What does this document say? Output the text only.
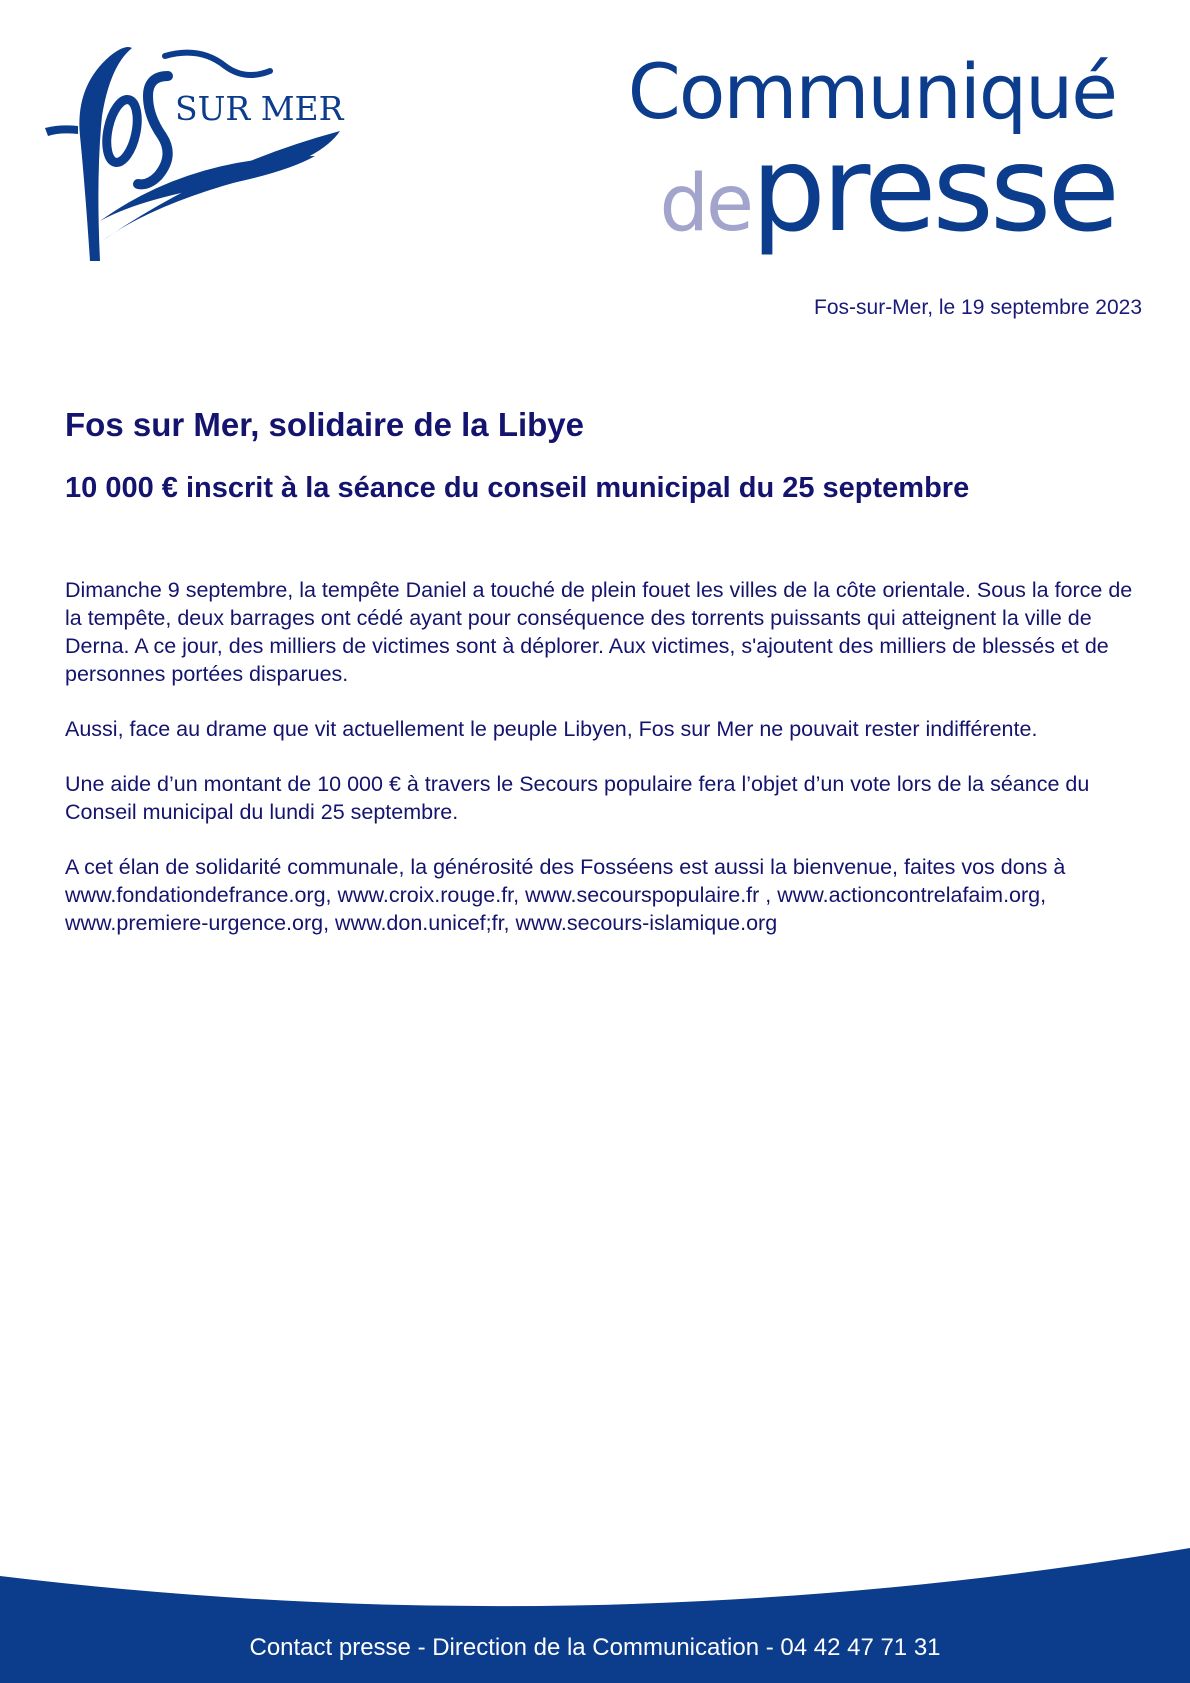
SUR MER	Communiqué
depresse
Fos-sur-Mer, le 19 septembre 2023
Fos sur Mer, solidaire de la Libye
10 000 € inscrit à la séance du conseil municipal du 25 septembre

Dimanche 9 septembre, la tempête Daniel a touché de plein fouet les villes de la côte orientale. Sous la force de la tempête, deux barrages ont cédé ayant pour conséquence des torrents puissants qui atteignent la ville de Derna. A ce jour, des milliers de victimes sont à déplorer. Aux victimes, s'ajoutent des milliers de blessés et de personnes portées disparues.

Aussi, face au drame que vit actuellement le peuple Libyen, Fos sur Mer ne pouvait rester indifférente.

Une aide d’un montant de 10 000 € à travers le Secours populaire fera l’objet d’un vote lors de la séance du Conseil municipal du lundi 25 septembre.

A cet élan de solidarité communale, la générosité des Fosséens est aussi la bienvenue, faites vos dons à www.fondationdefrance.org, www.croix.rouge.fr, www.secourspopulaire.fr , www.actioncontrelafaim.org, www.premiere-urgence.org, www.don.unicef;fr, www.secours-islamique.org

Contact presse - Direction de la Communication - 04 42 47 71 31
